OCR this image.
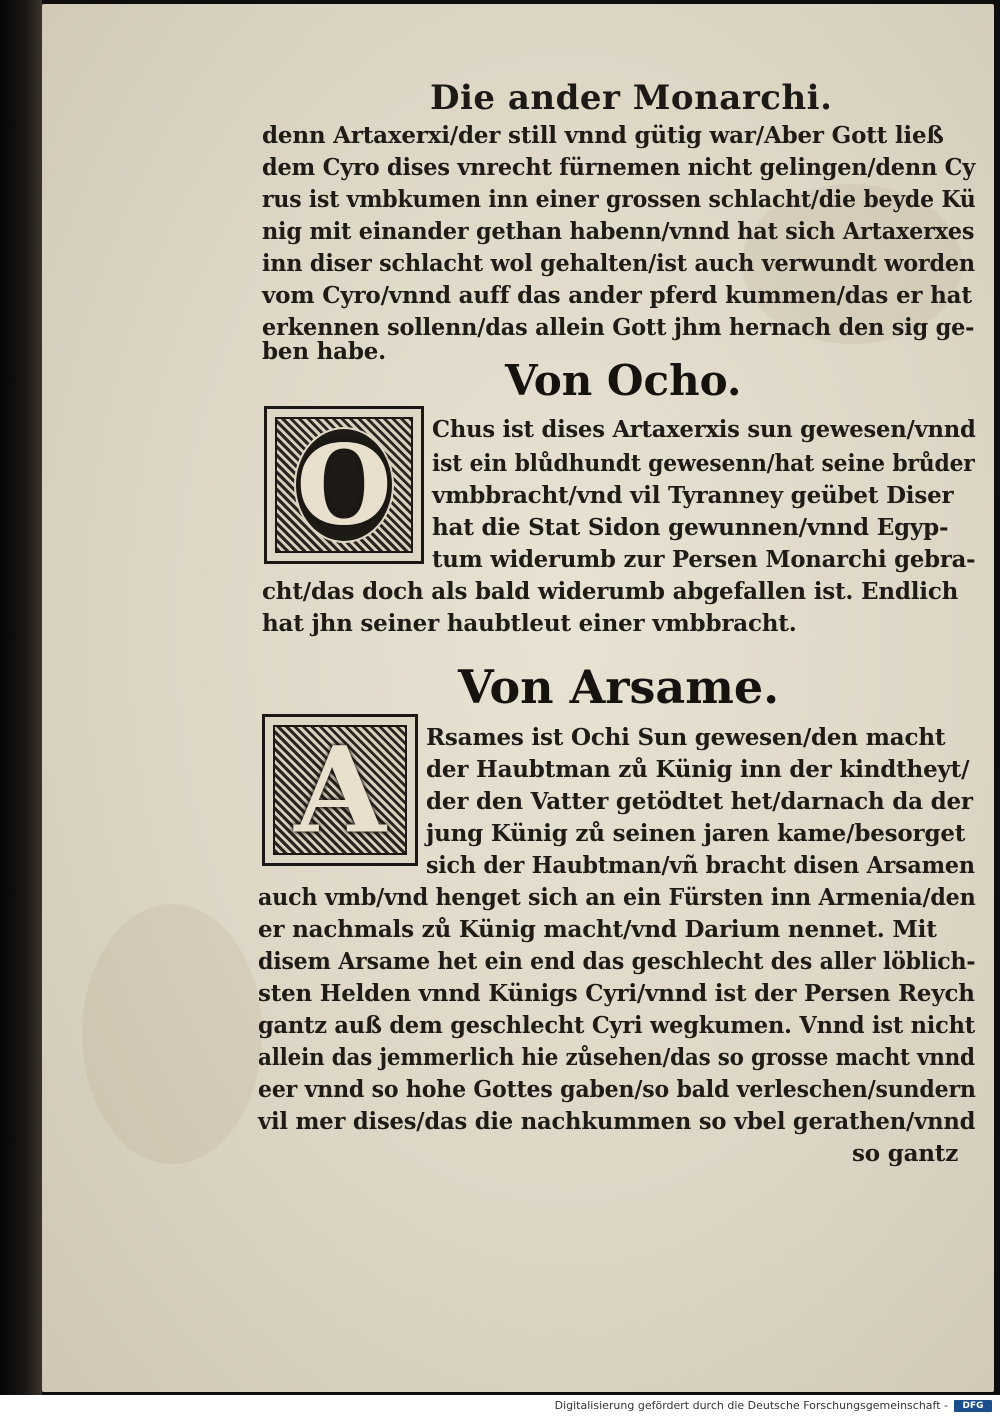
Die ander Monarchi.
denn Artaxerxi/der still vnnd gütig war/Aber Gott ließ
dem Cyro dises vnrecht fürnemen nicht gelingen/denn Cy
rus ist vmbkumen inn einer grossen schlacht/die beyde Kü
nig mit einander gethan habenn/vnnd hat sich Artaxerxes
inn diser schlacht wol gehalten/ist auch verwundt worden
vom Cyro/vnnd auff das ander pferd kummen/das er hat
erkennen sollenn/das allein Gott jhm hernach den sig ge-
ben habe.
Von Ocho.
O	Chus ist dises Artaxerxis sun gewesen/vnnd
ist ein blůdhundt gewesenn/hat seine brůder
vmbbracht/vnd vil Tyranney geübet Diser
hat die Stat Sidon gewunnen/vnnd Egyp-
tum widerumb zur Persen Monarchi gebra-
cht/das doch als bald widerumb abgefallen ist. Endlich
hat jhn seiner haubtleut einer vmbbracht.
Von Arsame.
A	Rsames ist Ochi Sun gewesen/den macht
der Haubtman zů Künig inn der kindtheyt/
der den Vatter getödtet het/darnach da der
jung Künig zů seinen jaren kame/besorget
sich der Haubtman/vñ bracht disen Arsamen
auch vmb/vnd henget sich an ein Fürsten inn Armenia/den
er nachmals zů Künig macht/vnd Darium nennet. Mit
disem Arsame het ein end das geschlecht des aller löblich-
sten Helden vnnd Künigs Cyri/vnnd ist der Persen Reych
gantz auß dem geschlecht Cyri wegkumen. Vnnd ist nicht
allein das jemmerlich hie zůsehen/das so grosse macht vnnd
eer vnnd so hohe Gottes gaben/so bald verleschen/sundern
vil mer dises/das die nachkummen so vbel gerathen/vnnd
so gantz
Digitalisierung gefördert durch die Deutsche Forschungsgemeinschaft -	DFG
